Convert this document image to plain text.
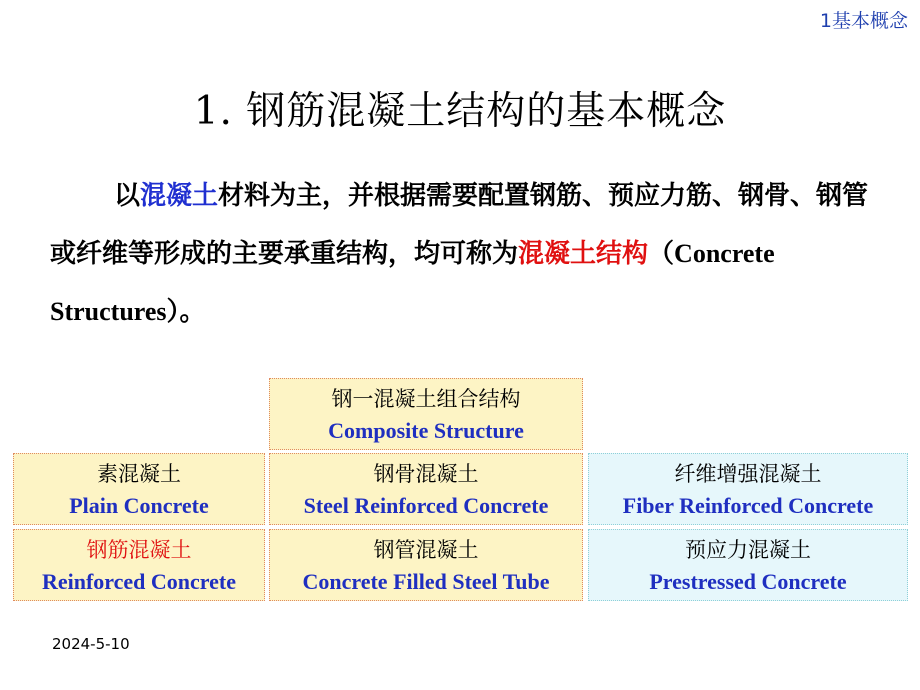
1基本概念
1. 钢筋混凝土结构的基本概念
以混凝土材料为主，并根据需要配置钢筋、预应力筋、钢骨、钢管或纤维等形成的主要承重结构，均可称为混凝土结构（Concrete Structures）。
钢一混凝土组合结构
Composite Structure
素混凝土
Plain Concrete
钢骨混凝土
Steel Reinforced Concrete
纤维增强混凝土
Fiber Reinforced Concrete
钢筋混凝土
Reinforced Concrete
钢管混凝土
Concrete Filled Steel Tube
预应力混凝土
Prestressed Concrete
2024-5-10
